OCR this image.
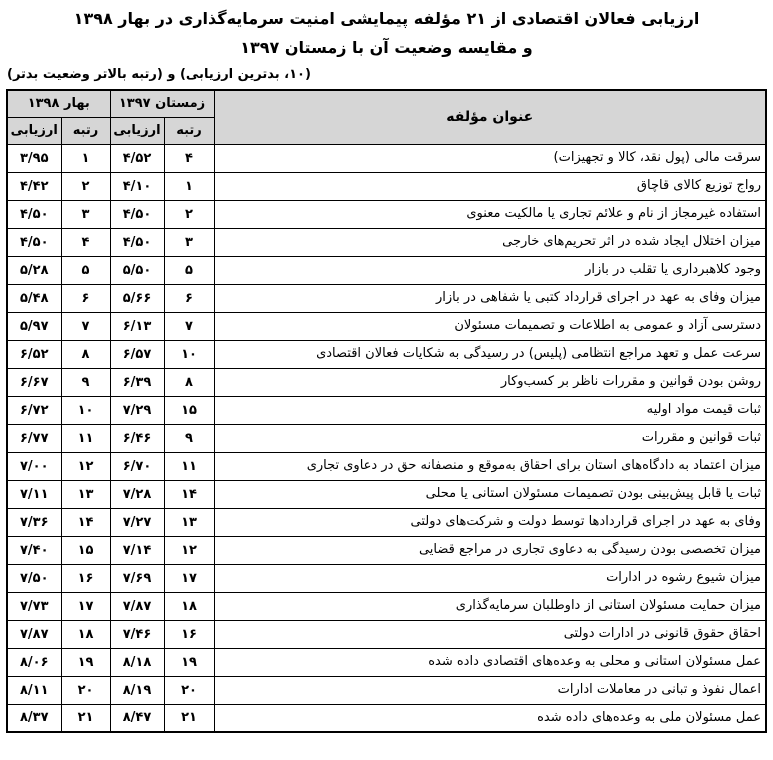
ارزیابی فعالان اقتصادی از ۲۱ مؤلفه پیمایشی امنیت سرمایه‌گذاری در بهار ۱۳۹۸
و مقایسه وضعیت آن با زمستان ۱۳۹۷
(۱۰، بدترین ارزیابی) و (رتبه بالاتر وضعیت بدتر)
عنوان مؤلفه	زمستان ۱۳۹۷		بهار ۱۳۹۸	
	رتبه	ارزیابی	رتبه	ارزیابی
سرقت مالی (پول نقد، کالا و تجهیزات)	۴	۴/۵۲	۱	۳/۹۵
رواج توزیع کالای قاچاق	۱	۴/۱۰	۲	۴/۴۲
استفاده غیرمجاز از نام و علائم تجاری یا مالکیت معنوی	۲	۴/۵۰	۳	۴/۵۰
میزان اختلال ایجاد شده در اثر تحریم‌های خارجی	۳	۴/۵۰	۴	۴/۵۰
وجود کلاهبرداری یا تقلب در بازار	۵	۵/۵۰	۵	۵/۲۸
میزان وفای به عهد در اجرای قرارداد کتبی یا شفاهی در بازار	۶	۵/۶۶	۶	۵/۴۸
دسترسی آزاد و عمومی به اطلاعات و تصمیمات مسئولان	۷	۶/۱۳	۷	۵/۹۷
سرعت عمل و تعهد مراجع انتظامی (پلیس) در رسیدگی به شکایات فعالان اقتصادی	۱۰	۶/۵۷	۸	۶/۵۲
روشن بودن قوانین و مقررات ناظر بر کسب‌وکار	۸	۶/۳۹	۹	۶/۶۷
ثبات قیمت مواد اولیه	۱۵	۷/۲۹	۱۰	۶/۷۲
ثبات قوانین و مقررات	۹	۶/۴۶	۱۱	۶/۷۷
میزان اعتماد به دادگاه‌های استان برای احقاق به‌موقع و منصفانه حق در دعاوی تجاری	۱۱	۶/۷۰	۱۲	۷/۰۰
ثبات یا قابل پیش‌بینی بودن تصمیمات مسئولان استانی یا محلی	۱۴	۷/۲۸	۱۳	۷/۱۱
وفای به عهد در اجرای قراردادها توسط دولت و شرکت‌های دولتی	۱۳	۷/۲۷	۱۴	۷/۳۶
میزان تخصصی بودن رسیدگی به دعاوی تجاری در مراجع قضایی	۱۲	۷/۱۴	۱۵	۷/۴۰
میزان شیوع رشوه در ادارات	۱۷	۷/۶۹	۱۶	۷/۵۰
میزان حمایت مسئولان استانی از داوطلبان سرمایه‌گذاری	۱۸	۷/۸۷	۱۷	۷/۷۳
احقاق حقوق قانونی در ادارات دولتی	۱۶	۷/۴۶	۱۸	۷/۸۷
عمل مسئولان استانی و محلی به وعده‌های اقتصادی داده شده	۱۹	۸/۱۸	۱۹	۸/۰۶
اعمال نفوذ و تبانی در معاملات ادارات	۲۰	۸/۱۹	۲۰	۸/۱۱
عمل مسئولان ملی به وعده‌های داده شده	۲۱	۸/۴۷	۲۱	۸/۳۷
